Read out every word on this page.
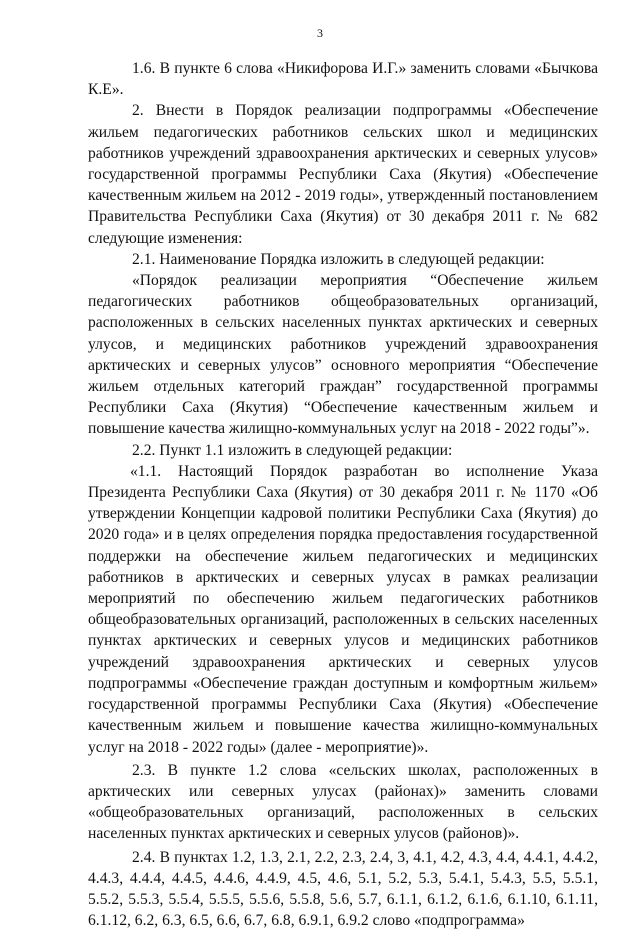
3

1.6. В пункте 6 слова «Никифорова И.Г.» заменить словами «Бычкова К.Е».

2. Внести в Порядок реализации подпрограммы «Обеспечение жильем педагогических работников сельских школ и медицинских работников учреждений здравоохранения арктических и северных улусов» государственной программы Республики Саха (Якутия) «Обеспечение качественным жильем на 2012 - 2019 годы», утвержденный постановлением Правительства Республики Саха (Якутия) от 30 декабря 2011 г. № 682 следующие изменения:

2.1. Наименование Порядка изложить в следующей редакции:

«Порядок реализации мероприятия “Обеспечение жильем педагогических работников общеобразовательных организаций, расположенных в сельских населенных пунктах арктических и северных улусов, и медицинских работников учреждений здравоохранения арктических и северных улусов” основного мероприятия “Обеспечение жильем отдельных категорий граждан” государственной программы Республики Саха (Якутия) “Обеспечение качественным жильем и повышение качества жилищно-коммунальных услуг на 2018 - 2022 годы”».

2.2. Пункт 1.1 изложить в следующей редакции:

«1.1. Настоящий Порядок разработан во исполнение Указа Президента Республики Саха (Якутия) от 30 декабря 2011 г. № 1170 «Об утверждении Концепции кадровой политики Республики Саха (Якутия) до 2020 года» и в целях определения порядка предоставления государственной поддержки на обеспечение жильем педагогических и медицинских работников в арктических и северных улусах в рамках реализации мероприятий по обеспечению жильем педагогических работников общеобразовательных организаций, расположенных в сельских населенных пунктах арктических и северных улусов и медицинских работников учреждений здравоохранения арктических и северных улусов подпрограммы «Обеспечение граждан доступным и комфортным жильем» государственной программы Республики Саха (Якутия) «Обеспечение качественным жильем и повышение качества жилищно-коммунальных услуг на 2018 - 2022 годы» (далее - мероприятие)».

2.3. В пункте 1.2 слова «сельских школах, расположенных в арктических или северных улусах (районах)» заменить словами «общеобразовательных организаций, расположенных в сельских населенных пунктах арктических и северных улусов (районов)».

2.4. В пунктах 1.2, 1.3, 2.1, 2.2, 2.3, 2.4, 3, 4.1, 4.2, 4.3, 4.4, 4.4.1, 4.4.2, 4.4.3, 4.4.4, 4.4.5, 4.4.6, 4.4.9, 4.5, 4.6, 5.1, 5.2, 5.3, 5.4.1, 5.4.3, 5.5, 5.5.1, 5.5.2, 5.5.3, 5.5.4, 5.5.5, 5.5.6, 5.5.8, 5.6, 5.7, 6.1.1, 6.1.2, 6.1.6, 6.1.10, 6.1.11, 6.1.12, 6.2, 6.3, 6.5, 6.6, 6.7, 6.8, 6.9.1, 6.9.2 слово «подпрограмма»
